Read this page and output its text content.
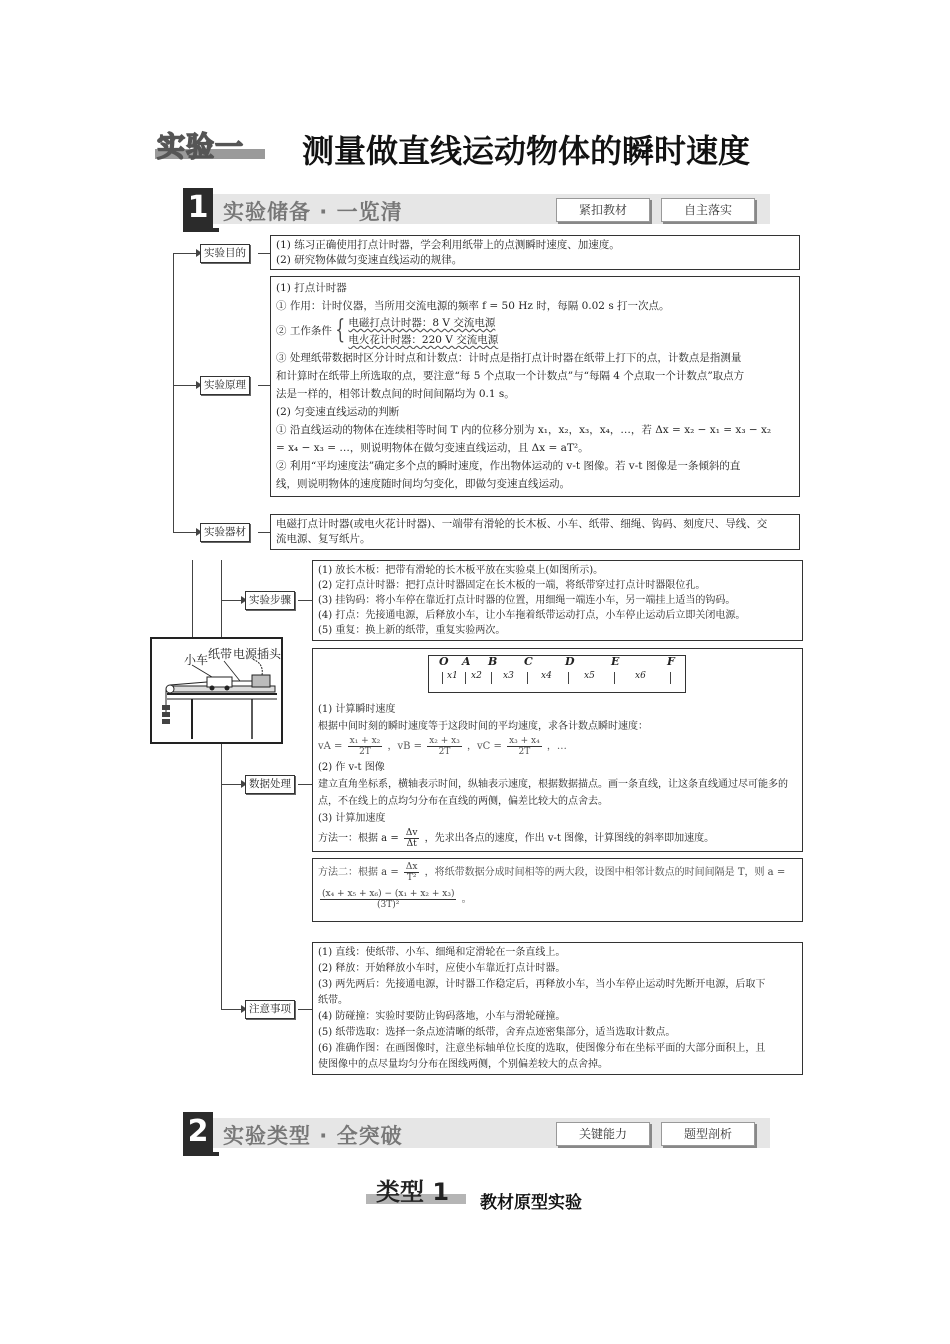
实验一 测量做直线运动物体的瞬时速度
1 实验储备 · 一览清	紧扣教材	自主落实
实验目的
实验原理
实验器材
实验步骤
数据处理
注意事项
(1) 练习正确使用打点计时器，学会利用纸带上的点测瞬时速度、加速度。
(2) 研究物体做匀变速直线运动的规律。
(1) 打点计时器
① 作用：计时仪器，当所用交流电源的频率 f = 50 Hz 时，每隔 0.02 s 打一次点。
② 工作条件 { 电磁打点计时器：8 V 交流电源
电火花计时器：220 V 交流电源
③ 处理纸带数据时区分计时点和计数点：计时点是指打点计时器在纸带上打下的点，计数点是指测量
和计算时在纸带上所选取的点，要注意“每 5 个点取一个计数点”与“每隔 4 个点取一个计数点”取点方
法是一样的，相邻计数点间的时间间隔均为 0.1 s。
(2) 匀变速直线运动的判断
① 沿直线运动的物体在连续相等时间 T 内的位移分别为 x₁，x₂，x₃，x₄，…，若 Δx = x₂ − x₁ = x₃ − x₂
= x₄ − x₃ = …，则说明物体在做匀变速直线运动，且 Δx = aT²。
② 利用“平均速度法”确定多个点的瞬时速度，作出物体运动的 v-t 图像。若 v-t 图像是一条倾斜的直
线，则说明物体的速度随时间均匀变化，即做匀变速直线运动。
电磁打点计时器(或电火花计时器)、一端带有滑轮的长木板、小车、纸带、细绳、钩码、刻度尺、导线、交
流电源、复写纸片。
(1) 放长木板：把带有滑轮的长木板平放在实验桌上(如图所示)。
(2) 定打点计时器：把打点计时器固定在长木板的一端，将纸带穿过打点计时器限位孔。
(3) 挂钩码：将小车停在靠近打点计时器的位置，用细绳一端连小车，另一端挂上适当的钩码。
(4) 打点：先接通电源，后释放小车，让小车拖着纸带运动打点，小车停止运动后立即关闭电源。
(5) 重复：换上新的纸带，重复实验两次。
小车 纸带 电源插头
(1) 计算瞬时速度
根据中间时刻的瞬时速度等于这段时间的平均速度，求各计数点瞬时速度：
vA = $\frac{\text{x₁ + x₂}}{2T}$ ，vB = $\frac{\text{x₂ + x₃}}{2T}$ ，vC = $\frac{\text{x₃ + x₄}}{2T}$ ，…
(2) 作 v-t 图像
建立直角坐标系，横轴表示时间，纵轴表示速度，根据数据描点。画一条直线，让这条直线通过尽可能多的
点，不在线上的点均匀分布在直线的两侧，偏差比较大的点舍去。
(3) 计算加速度
方法一：根据 $a = \frac{\Delta v}{\Delta t}$ ，先求出各点的速度，作出 v-t 图像，计算图线的斜率即加速度。
O A B C	D	E	F
x1 x2 x3	x4	x5	x6
方法二：根据 $a = \frac{\Delta x}{\text{T²}}$ ，将纸带数据分成时间相等的两大段，设图中相邻计数点的时间间隔是 T，则 a =
$\frac{\text{(x₄ + x₅ + x₆) − (x₁ + x₂ + x₃)}}{\text{(3T)²}}$ 。
(1) 直线：使纸带、小车、细绳和定滑轮在一条直线上。
(2) 释放：开始释放小车时，应使小车靠近打点计时器。
(3) 两先两后：先接通电源，计时器工作稳定后，再释放小车，当小车停止运动时先断开电源，后取下
纸带。
(4) 防碰撞：实验时要防止钩码落地，小车与滑轮碰撞。
(5) 纸带选取：选择一条点迹清晰的纸带，舍弃点迹密集部分，适当选取计数点。
(6) 准确作图：在画图像时，注意坐标轴单位长度的选取，使图像分布在坐标平面的大部分面积上，且
使图像中的点尽量均匀分布在图线两侧，个别偏差较大的点舍掉。
2 实验类型 · 全突破	关键能力	题型剖析
类型 1 教材原型实验
